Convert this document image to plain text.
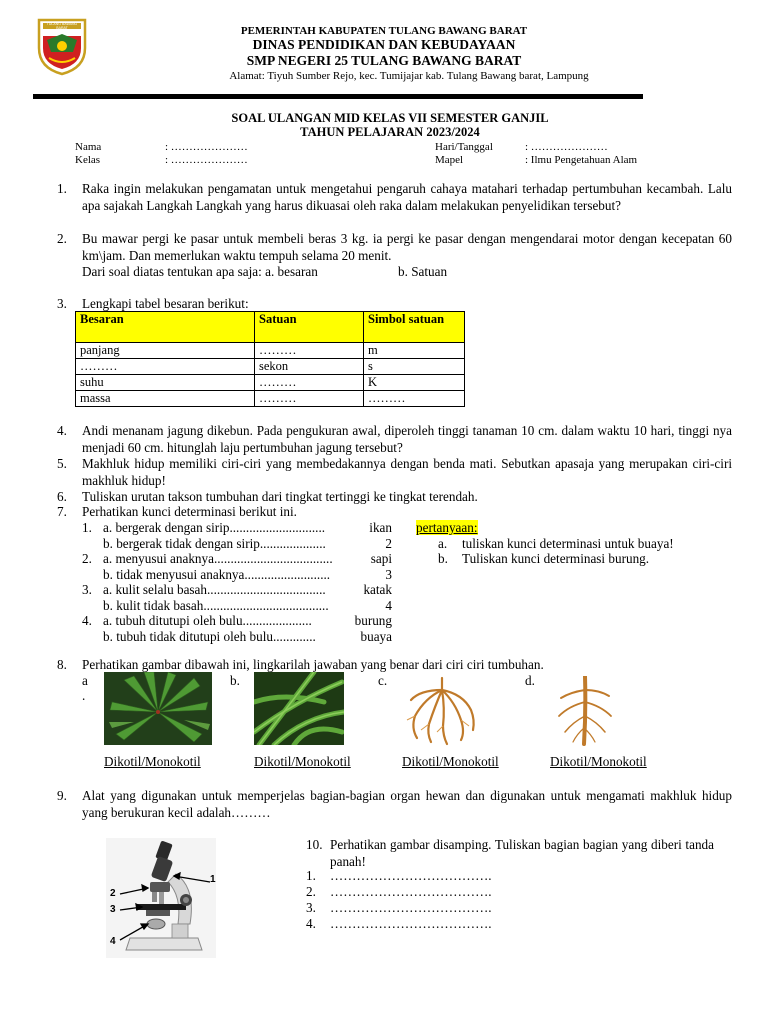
TULANG BAWANG BARAT	PEMERINTAH KABUPATEN TULANG BAWANG BARAT
DINAS PENDIDIKAN DAN KEBUDAYAAN
SMP NEGERI 25 TULANG BAWANG BARAT
Alamat: Tiyuh Sumber Rejo, kec. Tumijajar kab. Tulang Bawang barat, Lampung
SOAL ULANGAN MID KELAS VII SEMESTER GANJIL
TAHUN PELAJARAN 2023/2024
Nama	: …………………
Kelas	: …………………
Hari/Tanggal	: …………………
Mapel	: Ilmu Pengetahuan Alam
1. Raka ingin melakukan pengamatan untuk mengetahui pengaruh cahaya matahari terhadap pertumbuhan kecambah. Lalu apa sajakah Langkah Langkah yang harus dikuasai oleh raka dalam melakukan penyelidikan tersebut?
2. Bu mawar pergi ke pasar untuk membeli beras 3 kg. ia pergi ke pasar dengan mengendarai motor dengan kecepatan 60 km\jam. Dan memerlukan waktu tempuh selama 20 menit.
Dari soal diatas tentukan apa saja: a. besaran	b. Satuan
3. Lengkapi tabel besaran berikut:
Besaran	Satuan	Simbol satuan
panjang	………	m
………	sekon	s
suhu	………	K
massa	………	………
4. Andi menanam jagung dikebun. Pada pengukuran awal, diperoleh tinggi tanaman 10 cm. dalam waktu 10 hari, tinggi nya menjadi 60 cm. hitunglah laju pertumbuhan jagung tersebut?
5. Makhluk hidup memiliki ciri-ciri yang membedakannya dengan benda mati. Sebutkan apasaja yang merupakan ciri-ciri makhluk hidup!
6. Tuliskan urutan takson tumbuhan dari tingkat tertinggi ke tingkat terendah.
7. Perhatikan kunci determinasi berikut ini.
1. a. bergerak dengan sirip.............................	ikan
b. bergerak tidak dengan sirip....................	2
2. a. menyusui anaknya....................................	sapi
b. tidak menyusui anaknya..........................	3
3. a. kulit selalu basah....................................	katak
b. kulit tidak basah......................................	4
4. a. tubuh ditutupi oleh bulu.....................	burung
b. tubuh tidak ditutupi oleh bulu.............	buaya
pertanyaan:
a. tuliskan kunci determinasi untuk buaya!
b. Tuliskan kunci determinasi burung.
8. Perhatikan gambar dibawah ini, lingkarilah jawaban yang benar dari ciri ciri tumbuhan.
a
.
b.	c.	d.
Dikotil/Monokotil	Dikotil/Monokotil	Dikotil/Monokotil	Dikotil/Monokotil
9. Alat yang digunakan untuk memperjelas bagian-bagian organ hewan dan digunakan untuk mengamati makhluk hidup yang berukuran kecil adalah………
1
2
3
4
10. Perhatikan gambar disamping. Tuliskan bagian bagian yang diberi tanda panah!
1. ……………………………….
2. ……………………………….
3. ……………………………….
4. ……………………………….
